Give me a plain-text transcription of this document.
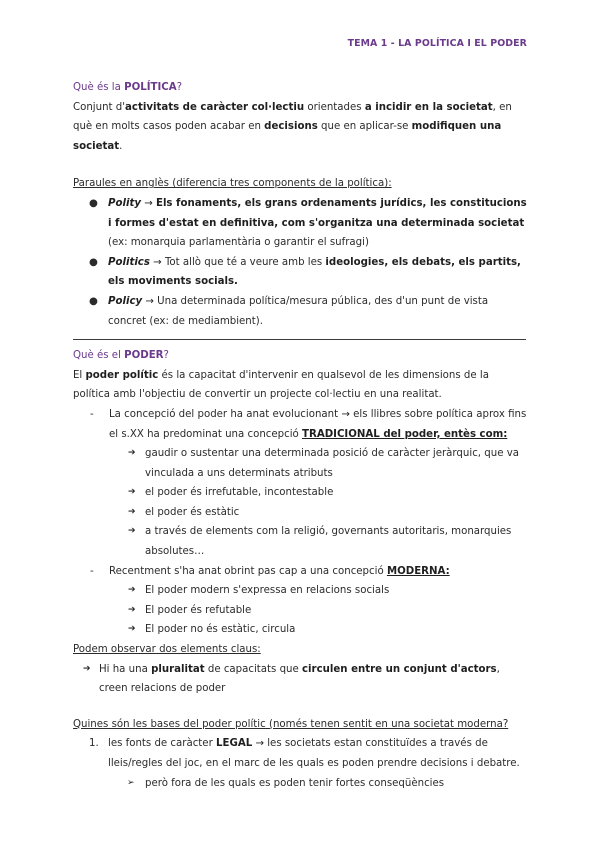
TEMA 1 - LA POLÍTICA I EL PODER

Què és la POLÍTICA?

Conjunt d'activitats de caràcter col·lectiu orientades a incidir en la societat, en què en molts casos poden acabar en decisions que en aplicar-se modifiquen una societat.

Paraules en anglès (diferencia tres components de la política):

● Polity → Els fonaments, els grans ordenaments jurídics, les constitucions i formes d'estat en definitiva, com s'organitza una determinada societat (ex: monarquia parlamentària o garantir el sufragi)
● Politics → Tot allò que té a veure amb les ideologies, els debats, els partits, els moviments socials.
● Policy → Una determinada política/mesura pública, des d'un punt de vista concret (ex: de mediambient).

Què és el PODER?

El poder polític és la capacitat d'intervenir en qualsevol de les dimensions de la política amb l'objectiu de convertir un projecte col·lectiu en una realitat.

-	La concepció del poder ha anat evolucionant → els llibres sobre política aprox fins el s.XX ha predominat una concepció TRADICIONAL del poder, entès com:
➔ gaudir o sustentar una determinada posició de caràcter jeràrquic, que va vinculada a uns determinats atributs
➔ el poder és irrefutable, incontestable
➔ el poder és estàtic
➔ a través de elements com la religió, governants autoritaris, monarquies absolutes…
-	Recentment s'ha anat obrint pas cap a una concepció MODERNA:
➔ El poder modern s'expressa en relacions socials
➔ El poder és refutable
➔ El poder no és estàtic, circula

Podem observar dos elements claus:

➔ Hi ha una pluralitat de capacitats que circulen entre un conjunt d'actors, creen relacions de poder

Quines són les bases del poder polític (només tenen sentit en una societat moderna?

1. les fonts de caràcter LEGAL → les societats estan constituïdes a través de lleis/regles del joc, en el marc de les quals es poden prendre decisions i debatre.
➢	però fora de les quals es poden tenir fortes conseqüències
